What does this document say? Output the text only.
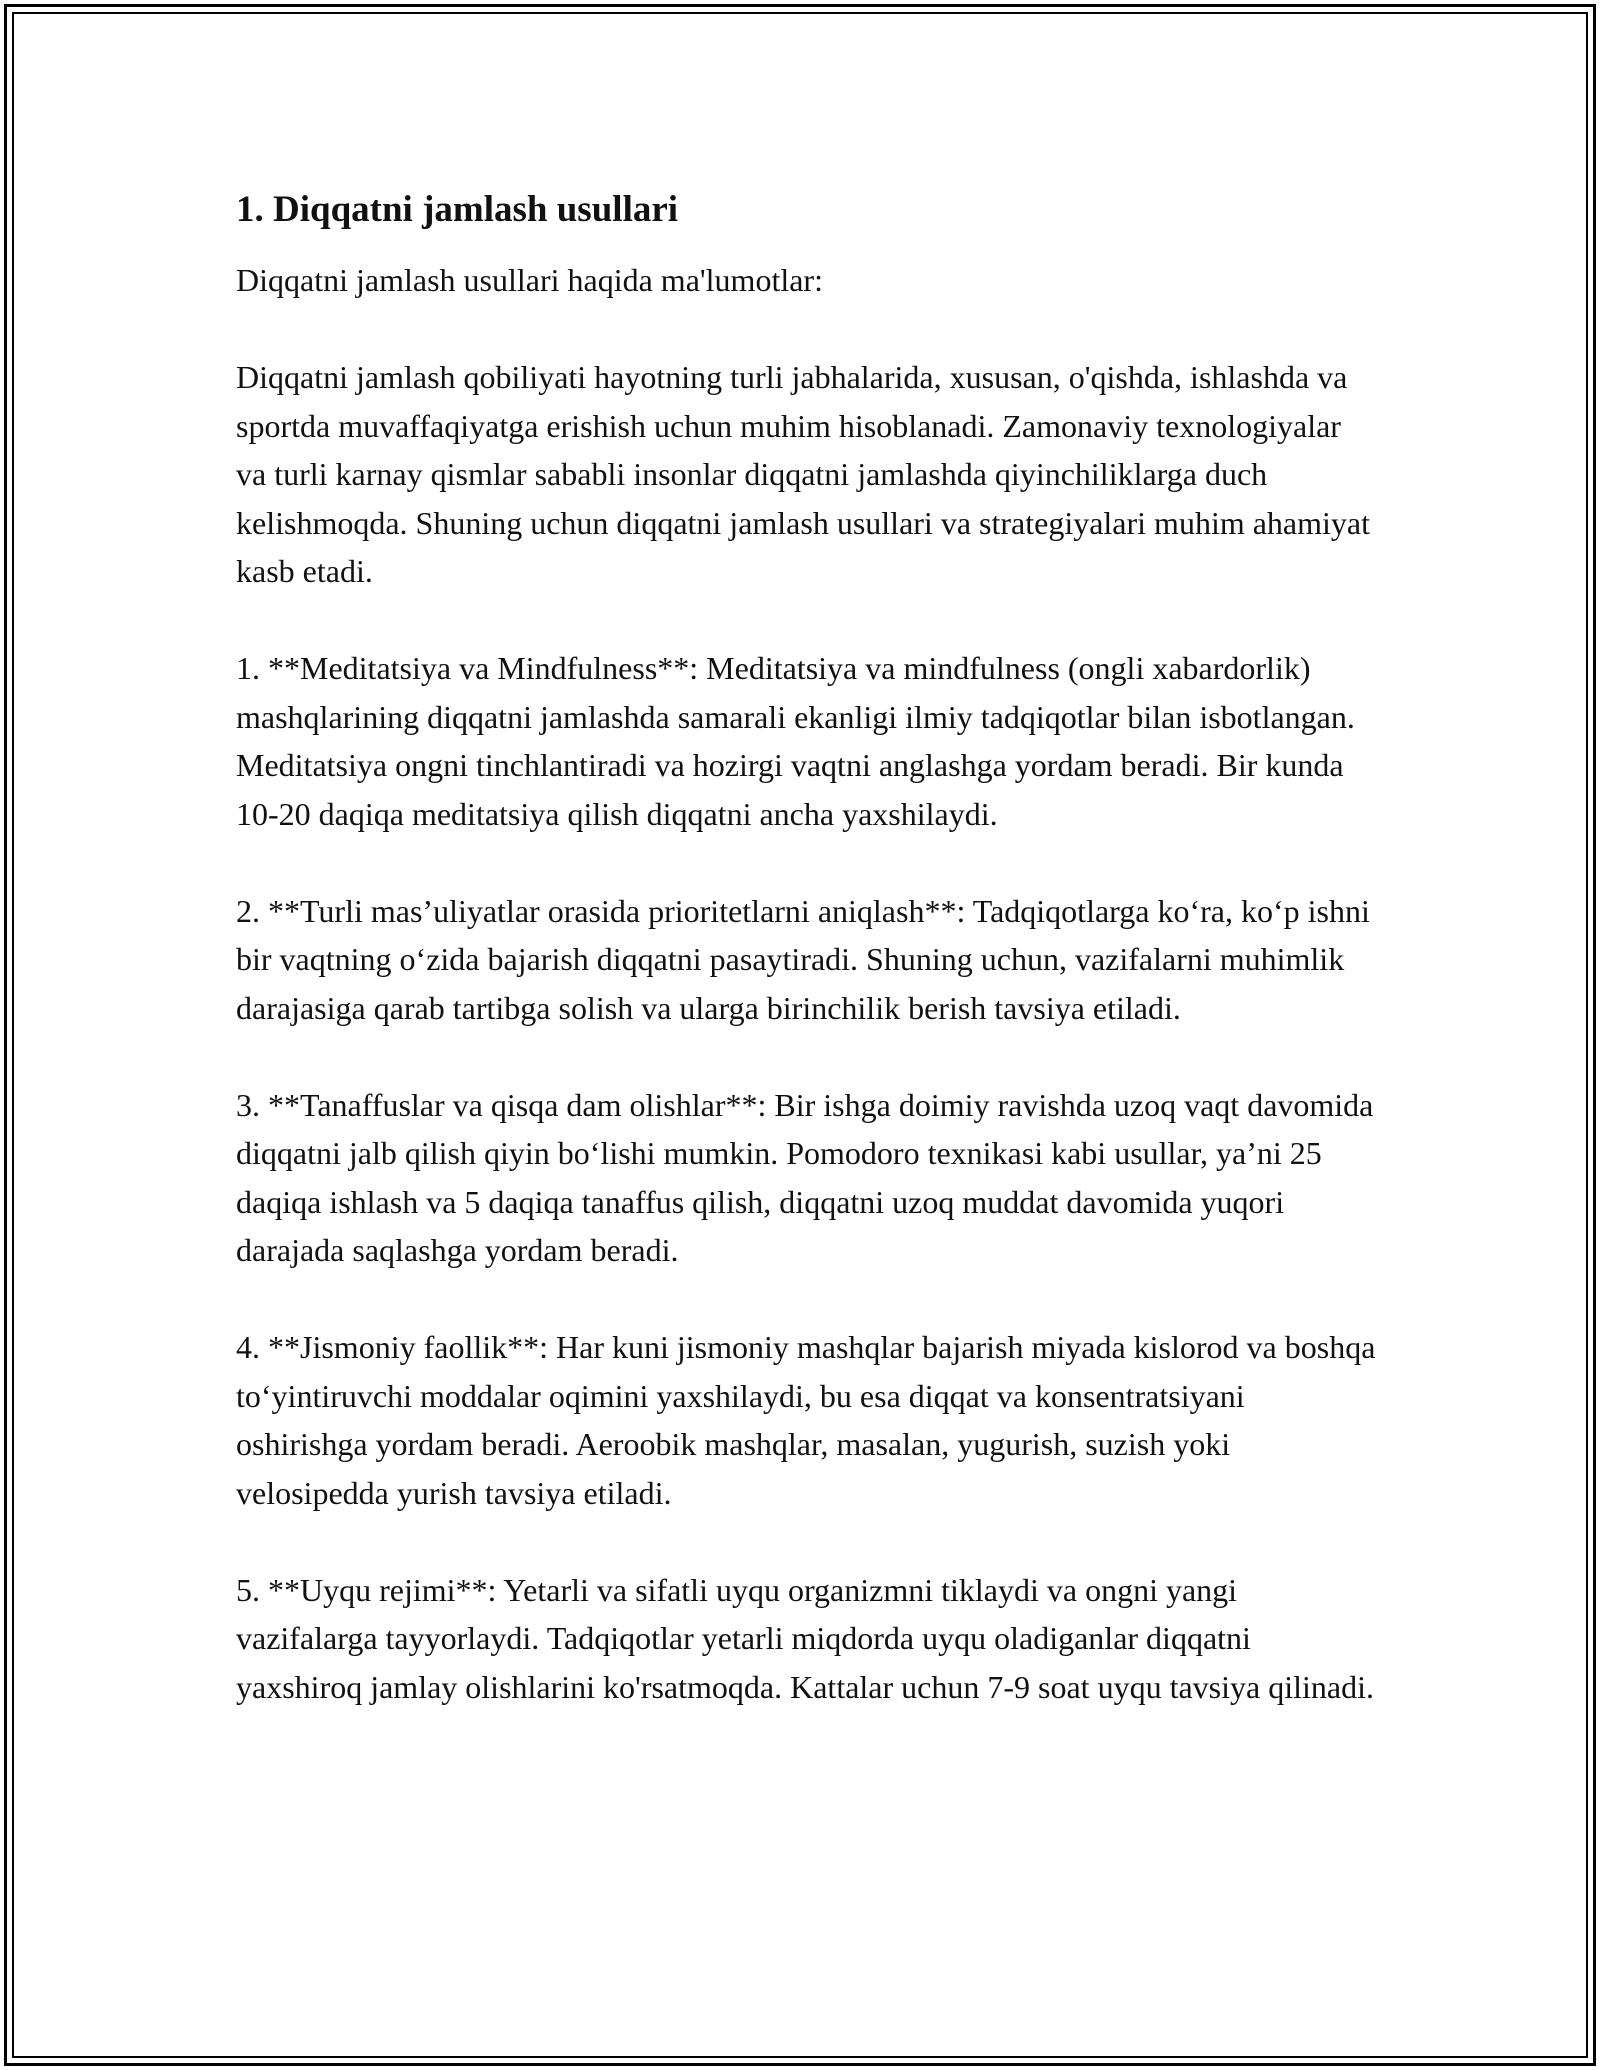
1. Diqqatni jamlash usullari

Diqqatni jamlash usullari haqida ma'lumotlar:

Diqqatni jamlash qobiliyati hayotning turli jabhalarida, xususan, o'qishda, ishlashda va sportda muvaffaqiyatga erishish uchun muhim hisoblanadi. Zamonaviy texnologiyalar va turli karnay qismlar sababli insonlar diqqatni jamlashda qiyinchiliklarga duch kelishmoqda. Shuning uchun diqqatni jamlash usullari va strategiyalari muhim ahamiyat kasb etadi.

1. **Meditatsiya va Mindfulness**: Meditatsiya va mindfulness (ongli xabardorlik) mashqlarining diqqatni jamlashda samarali ekanligi ilmiy tadqiqotlar bilan isbotlangan. Meditatsiya ongni tinchlantiradi va hozirgi vaqtni anglashga yordam beradi. Bir kunda 10-20 daqiqa meditatsiya qilish diqqatni ancha yaxshilaydi.

2. **Turli mas’uliyatlar orasida prioritetlarni aniqlash**: Tadqiqotlarga ko‘ra, ko‘p ishni bir vaqtning o‘zida bajarish diqqatni pasaytiradi. Shuning uchun, vazifalarni muhimlik darajasiga qarab tartibga solish va ularga birinchilik berish tavsiya etiladi.

3. **Tanaffuslar va qisqa dam olishlar**: Bir ishga doimiy ravishda uzoq vaqt davomida diqqatni jalb qilish qiyin bo‘lishi mumkin. Pomodoro texnikasi kabi usullar, ya’ni 25 daqiqa ishlash va 5 daqiqa tanaffus qilish, diqqatni uzoq muddat davomida yuqori darajada saqlashga yordam beradi.

4. **Jismoniy faollik**: Har kuni jismoniy mashqlar bajarish miyada kislorod va boshqa to‘yintiruvchi moddalar oqimini yaxshilaydi, bu esa diqqat va konsentratsiyani oshirishga yordam beradi. Aeroobik mashqlar, masalan, yugurish, suzish yoki velosipedda yurish tavsiya etiladi.

5. **Uyqu rejimi**: Yetarli va sifatli uyqu organizmni tiklaydi va ongni yangi vazifalarga tayyorlaydi. Tadqiqotlar yetarli miqdorda uyqu oladiganlar diqqatni yaxshiroq jamlay olishlarini ko'rsatmoqda. Kattalar uchun 7-9 soat uyqu tavsiya qilinadi.
